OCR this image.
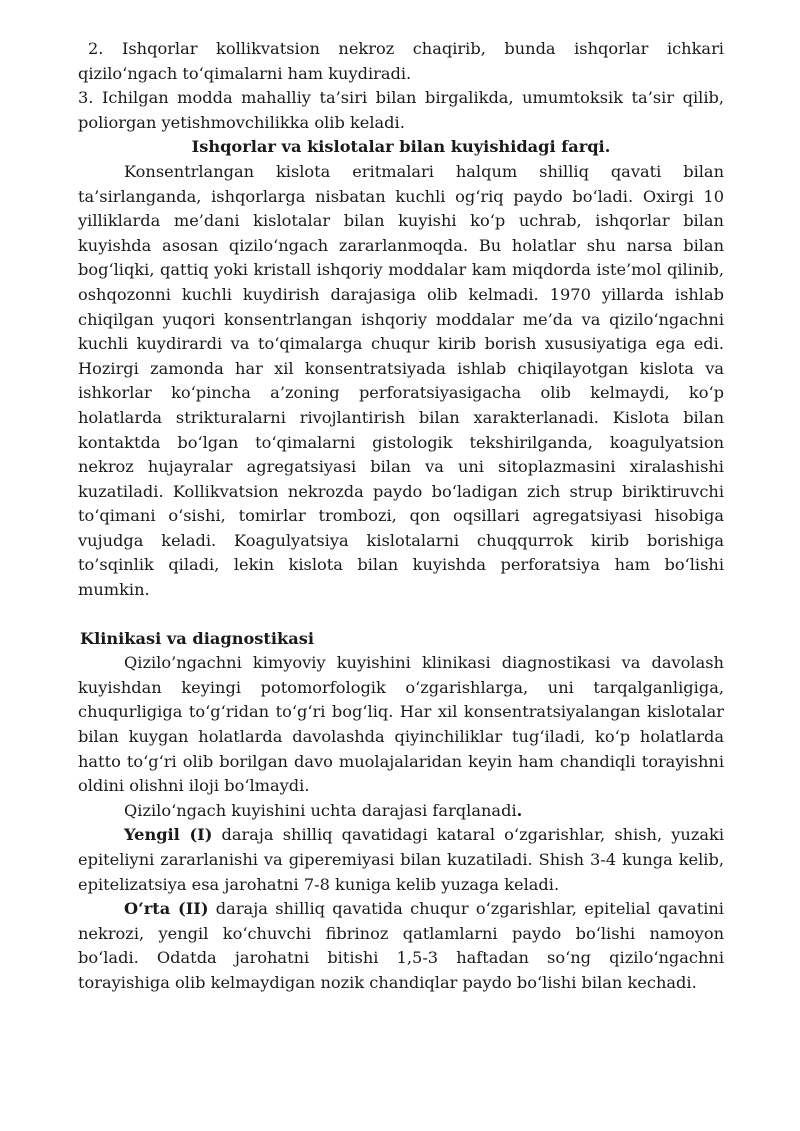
2. Ishqorlar kollikvatsion nekroz chaqirib, bunda ishqorlar ichkari qizilo‘ngach to‘qimalarni ham kuydiradi.

3. Ichilgan modda mahalliy ta’siri bilan birgalikda, umumtoksik ta’sir qilib, poliorgan yetishmovchilikka olib keladi.

Ishqorlar va kislotalar bilan kuyishidagi farqi.

Konsentrlangan kislota eritmalari halqum shilliq qavati bilan ta’sirlanganda, ishqorlarga nisbatan kuchli og‘riq paydo bo‘ladi. Oxirgi 10 yilliklarda me’dani kislotalar bilan kuyishi ko‘p uchrab, ishqorlar bilan kuyishda asosan qizilo‘ngach zararlanmoqda. Bu holatlar shu narsa bilan bog‘liqki, qattiq yoki kristall ishqoriy moddalar kam miqdorda iste’mol qilinib, oshqozonni kuchli kuydirish darajasiga olib kelmadi. 1970 yillarda ishlab chiqilgan yuqori konsentrlangan ishqoriy moddalar me’da va qizilo‘ngachni kuchli kuydirardi va to‘qimalarga chuqur kirib borish xususiyatiga ega edi. Hozirgi zamonda har xil konsentratsiyada ishlab chiqilayotgan kislota va ishkorlar ko‘pincha a’zoning perforatsiyasigacha olib kelmaydi, ko‘p holatlarda strikturalarni rivojlantirish bilan xarakterlanadi. Kislota bilan kontaktda bo‘lgan to‘qimalarni gistologik tekshirilganda, koagulyatsion nekroz hujayralar agregatsiyasi bilan va uni sitoplazmasini xiralashishi kuzatiladi. Kollikvatsion nekrozda paydo bo‘ladigan zich strup biriktiruvchi to‘qimani o‘sishi, tomirlar trombozi, qon oqsillari agregatsiyasi hisobiga vujudga keladi. Koagulyatsiya kislotalarni chuqqurrok kirib borishiga to’sqinlik qiladi, lekin kislota bilan kuyishda perforatsiya ham bo‘lishi mumkin.

Klinikasi va diagnostikasi

Qizilo’ngachni kimyoviy kuyishini klinikasi diagnostikasi va davolash kuyishdan keyingi potomorfologik o‘zgarishlarga, uni tarqalganligiga, chuqurligiga to‘g‘ridan to‘g‘ri bog‘liq. Har xil konsentratsiyalangan kislotalar bilan kuygan holatlarda davolashda qiyinchiliklar tug‘iladi, ko‘p holatlarda hatto to‘g‘ri olib borilgan davo muolajalaridan keyin ham chandiqli torayishni oldini olishni iloji bo‘lmaydi.

Qizilo‘ngach kuyishini uchta darajasi farqlanadi.

Yengil (I) daraja shilliq qavatidagi kataral o‘zgarishlar, shish, yuzaki epiteliyni zararlanishi va giperemiyasi bilan kuzatiladi. Shish 3-4 kunga kelib, epitelizatsiya esa jarohatni 7-8 kuniga kelib yuzaga keladi.

O‘rta (II) daraja shilliq qavatida chuqur o‘zgarishlar, epitelial qavatini nekrozi, yengil ko‘chuvchi fibrinoz qatlamlarni paydo bo‘lishi namoyon bo‘ladi. Odatda jarohatni bitishi 1,5-3 haftadan so‘ng qizilo‘ngachni torayishiga olib kelmaydigan nozik chandiqlar paydo bo‘lishi bilan kechadi.
